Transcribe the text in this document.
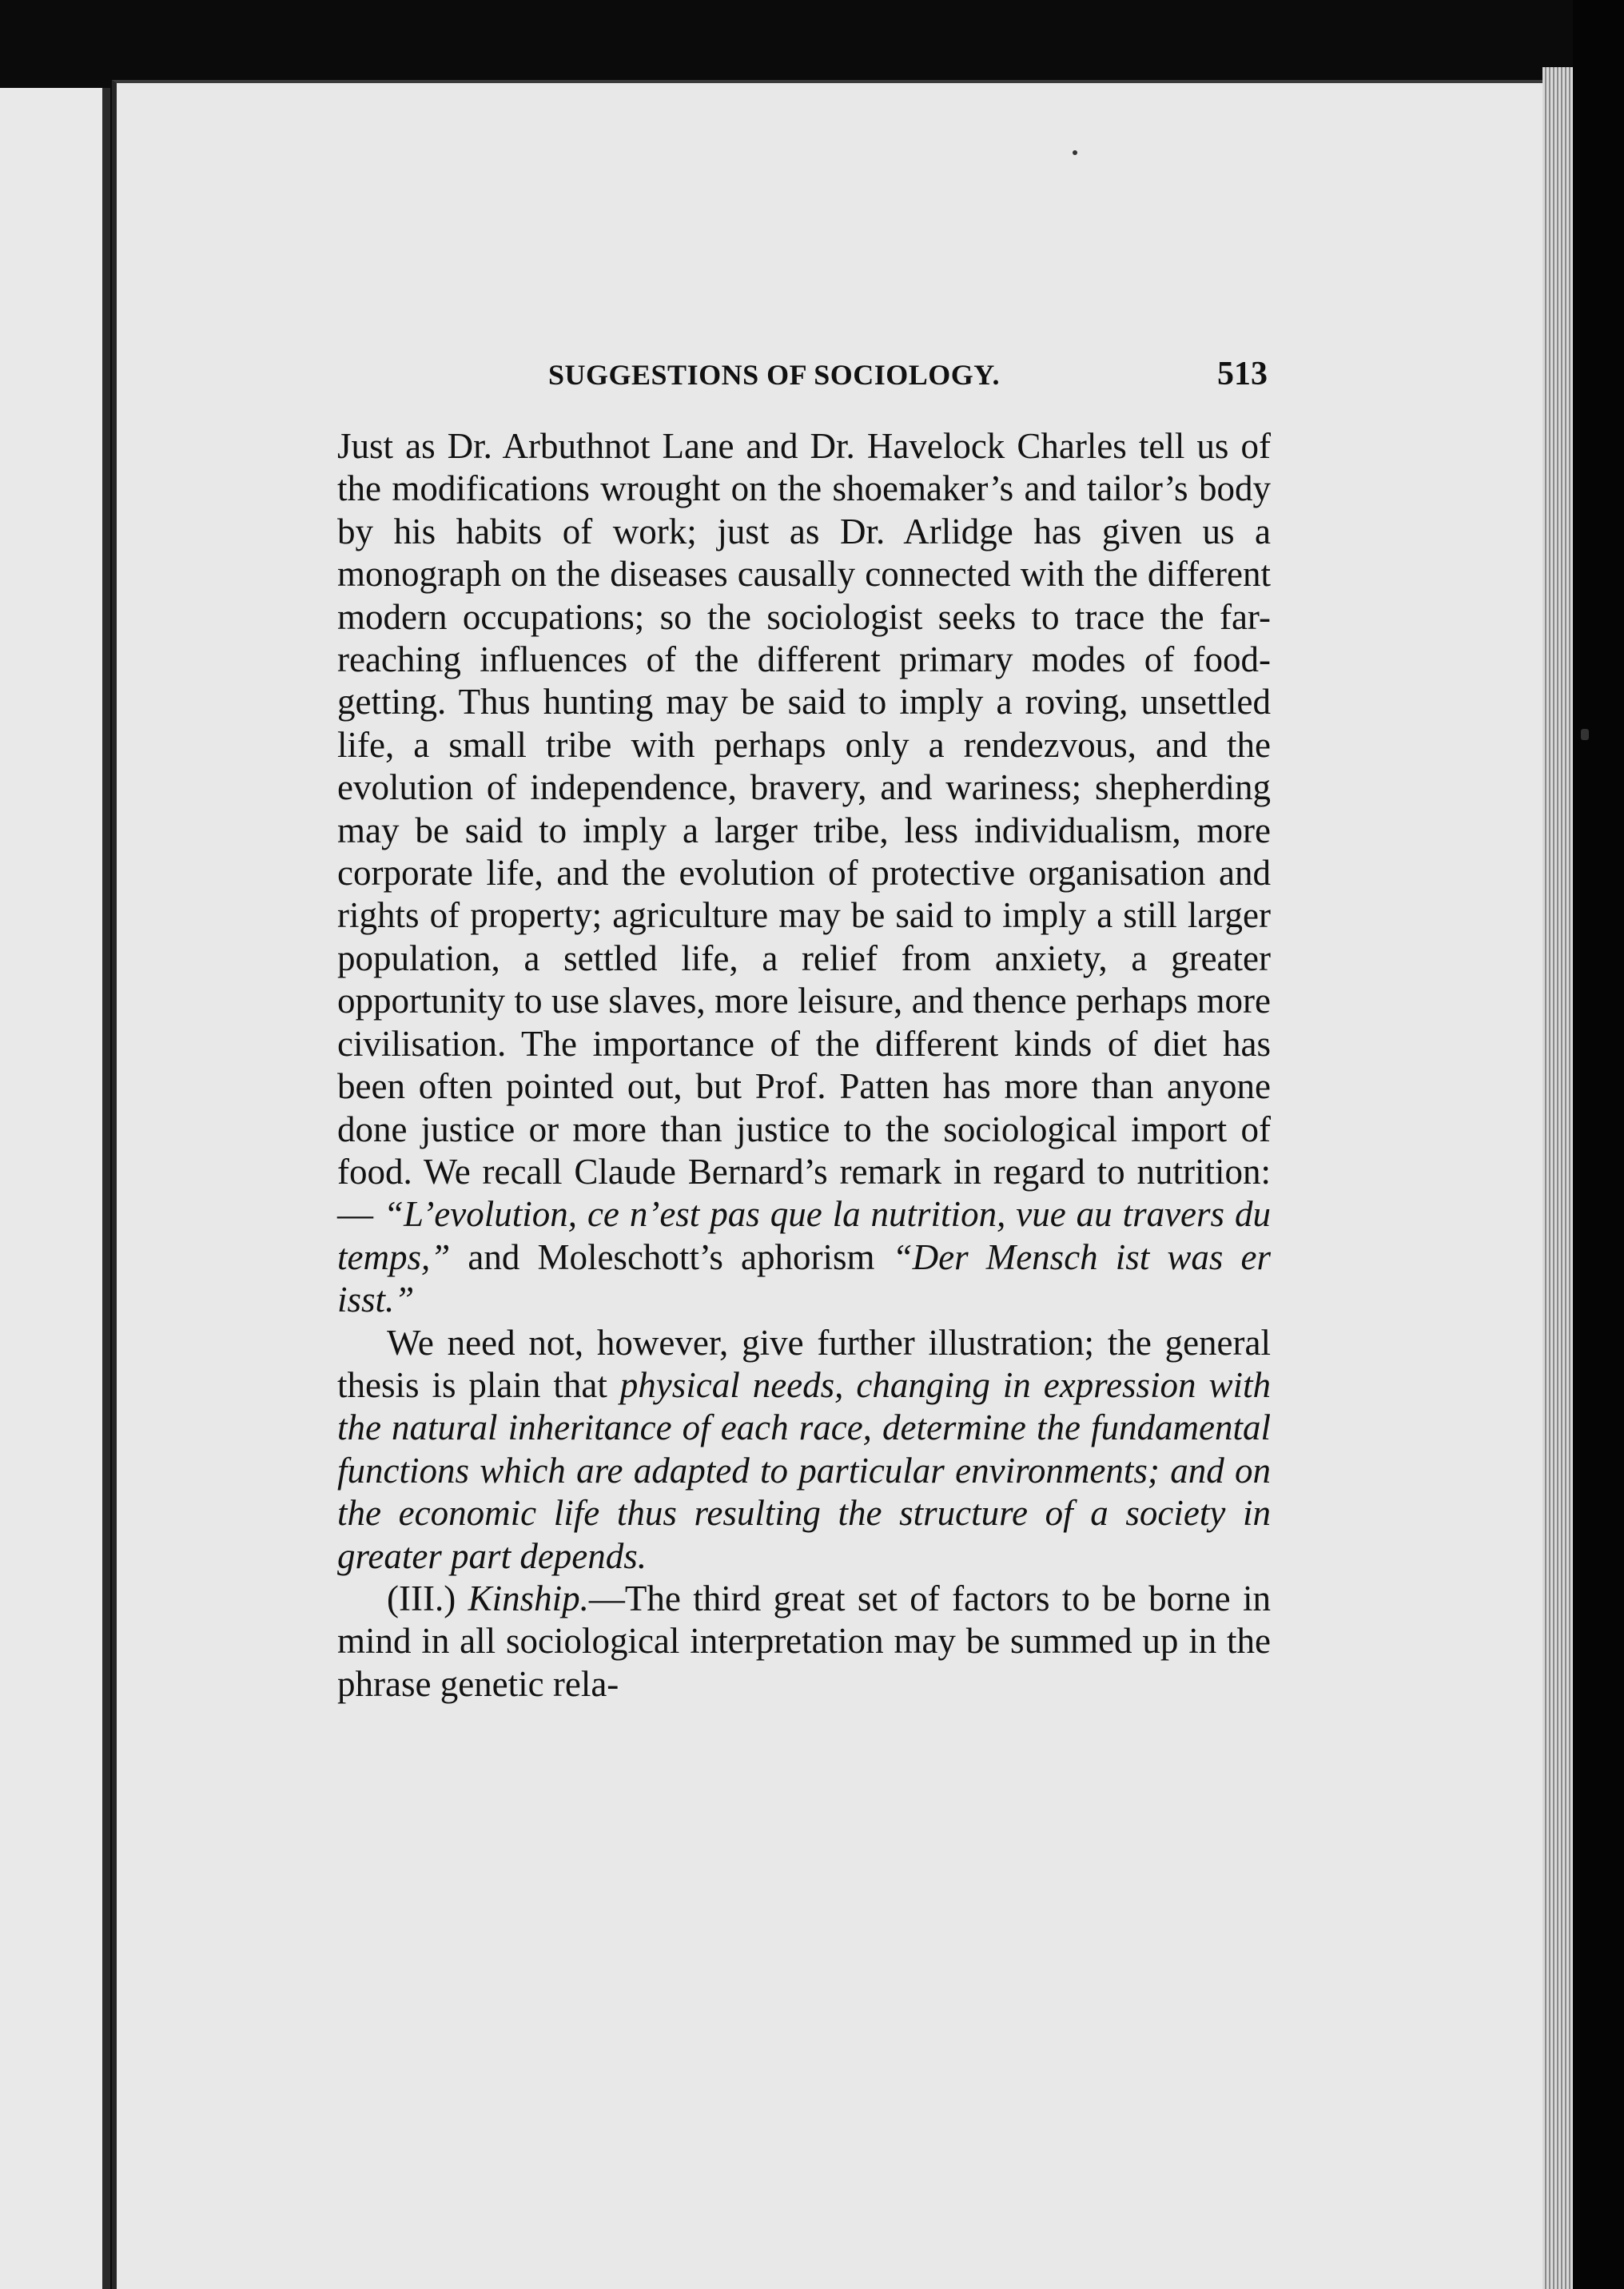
SUGGESTIONS OF SOCIOLOGY.	513

Just as Dr. Arbuthnot Lane and Dr. Havelock Charles tell us of the modifications wrought on the shoemaker’s and tailor’s body by his habits of work; just as Dr. Arlidge has given us a monograph on the diseases causally connected with the different modern occupations; so the sociologist seeks to trace the far-reaching influences of the different primary modes of food-getting. Thus hunting may be said to imply a roving, unsettled life, a small tribe with perhaps only a rendezvous, and the evolution of independence, bravery, and wariness; shepherding may be said to imply a larger tribe, less individualism, more corporate life, and the evolution of protective organisation and rights of property; agriculture may be said to imply a still larger population, a settled life, a relief from anxiety, a greater opportunity to use slaves, more leisure, and thence perhaps more civilisation. The importance of the different kinds of diet has been often pointed out, but Prof. Patten has more than anyone done justice or more than justice to the sociological import of food. We recall Claude Bernard’s remark in regard to nutrition:— “L’evolution, ce n’est pas que la nutrition, vue au travers du temps,” and Moleschott’s aphorism “Der Mensch ist was er isst.”

We need not, however, give further illustration; the general thesis is plain that physical needs, changing in expression with the natural inheritance of each race, determine the fundamental functions which are adapted to particular environments; and on the economic life thus resulting the structure of a society in greater part depends.

(III.) Kinship.—The third great set of factors to be borne in mind in all sociological interpretation may be summed up in the phrase genetic rela-
